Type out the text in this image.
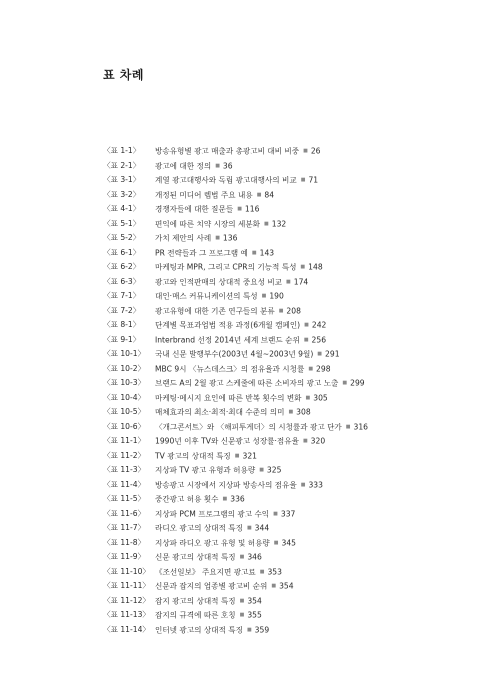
표 차례
〈표 1-1〉 방송유형별 광고 매출과 총광고비 대비 비중 ■ 26
〈표 2-1〉 광고에 대한 정의 ■ 36
〈표 3-1〉 계열 광고대행사와 독립 광고대행사의 비교 ■ 71
〈표 3-2〉 개정된 미디어 렙법 주요 내용 ■ 84
〈표 4-1〉 경쟁자들에 대한 질문들 ■ 116
〈표 5-1〉 편익에 따른 치약 시장의 세분화 ■ 132
〈표 5-2〉 가치 제안의 사례 ■ 136
〈표 6-1〉 PR 전략들과 그 프로그램 예 ■ 143
〈표 6-2〉 마케팅과 MPR, 그리고 CPR의 기능적 특성 ■ 148
〈표 6-3〉 광고와 인적판매의 상대적 중요성 비교 ■ 174
〈표 7-1〉 대인·매스 커뮤니케이션의 특성 ■ 190
〈표 7-2〉 광고유형에 대한 기존 연구들의 분류 ■ 208
〈표 8-1〉 단계별 목표과업법 적용 과정(6개월 캠페인) ■ 242
〈표 9-1〉 Interbrand 선정 2014년 세계 브랜드 순위 ■ 256
〈표 10-1〉 국내 신문 발행부수(2003년 4월~2003년 9월) ■ 291
〈표 10-2〉 MBC 9시 〈뉴스데스크〉의 점유율과 시청률 ■ 298
〈표 10-3〉 브랜드 A의 2월 광고 스케줄에 따른 소비자의 광고 노출 ■ 299
〈표 10-4〉 마케팅·메시지 요인에 따른 반복 횟수의 변화 ■ 305
〈표 10-5〉 매체효과의 최소·최적·최대 수준의 의미 ■ 308
〈표 10-6〉 〈개그콘서트〉와 〈해피투게더〉의 시청률과 광고 단가 ■ 316
〈표 11-1〉 1990년 이후 TV와 신문광고 성장률·점유율 ■ 320
〈표 11-2〉 TV 광고의 상대적 특징 ■ 321
〈표 11-3〉 지상파 TV 광고 유형과 허용량 ■ 325
〈표 11-4〉 방송광고 시장에서 지상파 방송사의 점유율 ■ 333
〈표 11-5〉 중간광고 허용 횟수 ■ 336
〈표 11-6〉 지상파 PCM 프로그램의 광고 수익 ■ 337
〈표 11-7〉 라디오 광고의 상대적 특징 ■ 344
〈표 11-8〉 지상파 라디오 광고 유형 및 허용량 ■ 345
〈표 11-9〉 신문 광고의 상대적 특징 ■ 346
〈표 11-10〉 《조선일보》 주요지면 광고료 ■ 353
〈표 11-11〉 신문과 잡지의 업종별 광고비 순위 ■ 354
〈표 11-12〉 잡지 광고의 상대적 특징 ■ 354
〈표 11-13〉 잡지의 규격에 따른 호칭 ■ 355
〈표 11-14〉 인터넷 광고의 상대적 특징 ■ 359
